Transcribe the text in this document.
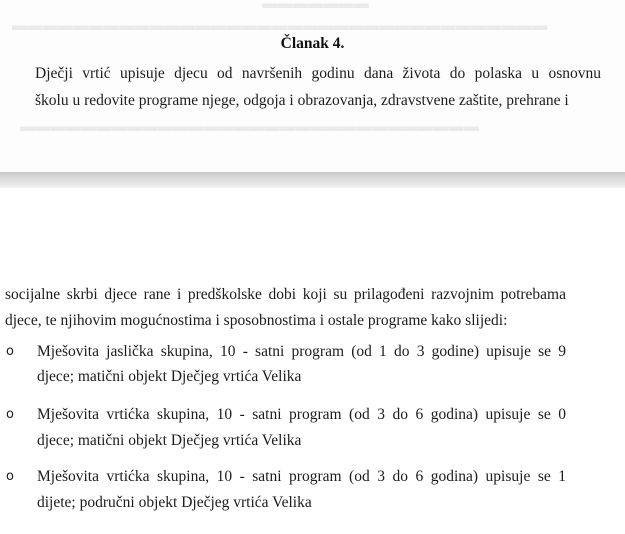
▬▬▬▬▬▬▬
▬▬▬▬▬▬▬▬▬▬▬▬▬▬▬▬▬▬▬▬▬▬▬▬▬▬▬▬▬▬▬▬▬▬▬
▬▬▬▬▬▬▬▬▬▬▬▬▬▬▬▬▬▬▬▬▬▬▬▬▬▬▬▬▬▬
Članak 4.
Dječji vrtić upisuje djecu od navršenih godinu dana života do polaska u osnovnu
školu u redovite programe njege, odgoja i obrazovanja, zdravstvene zaštite, prehrane i
socijalne skrbi djece rane i predškolske dobi koji su prilagođeni razvojnim potrebama
djece, te njihovim mogućnostima i sposobnostima i ostale programe kako slijedi:
o Mješovita jaslička skupina, 10 - satni program (od 1 do 3 godine) upisuje se 9
djece; matični objekt Dječjeg vrtića Velika
o Mješovita vrtićka skupina, 10 - satni program (od 3 do 6 godina) upisuje se 0
djece; matični objekt Dječjeg vrtića Velika
o Mješovita vrtićka skupina, 10 - satni program (od 3 do 6 godina) upisuje se 1
dijete; područni objekt Dječjeg vrtića Velika
